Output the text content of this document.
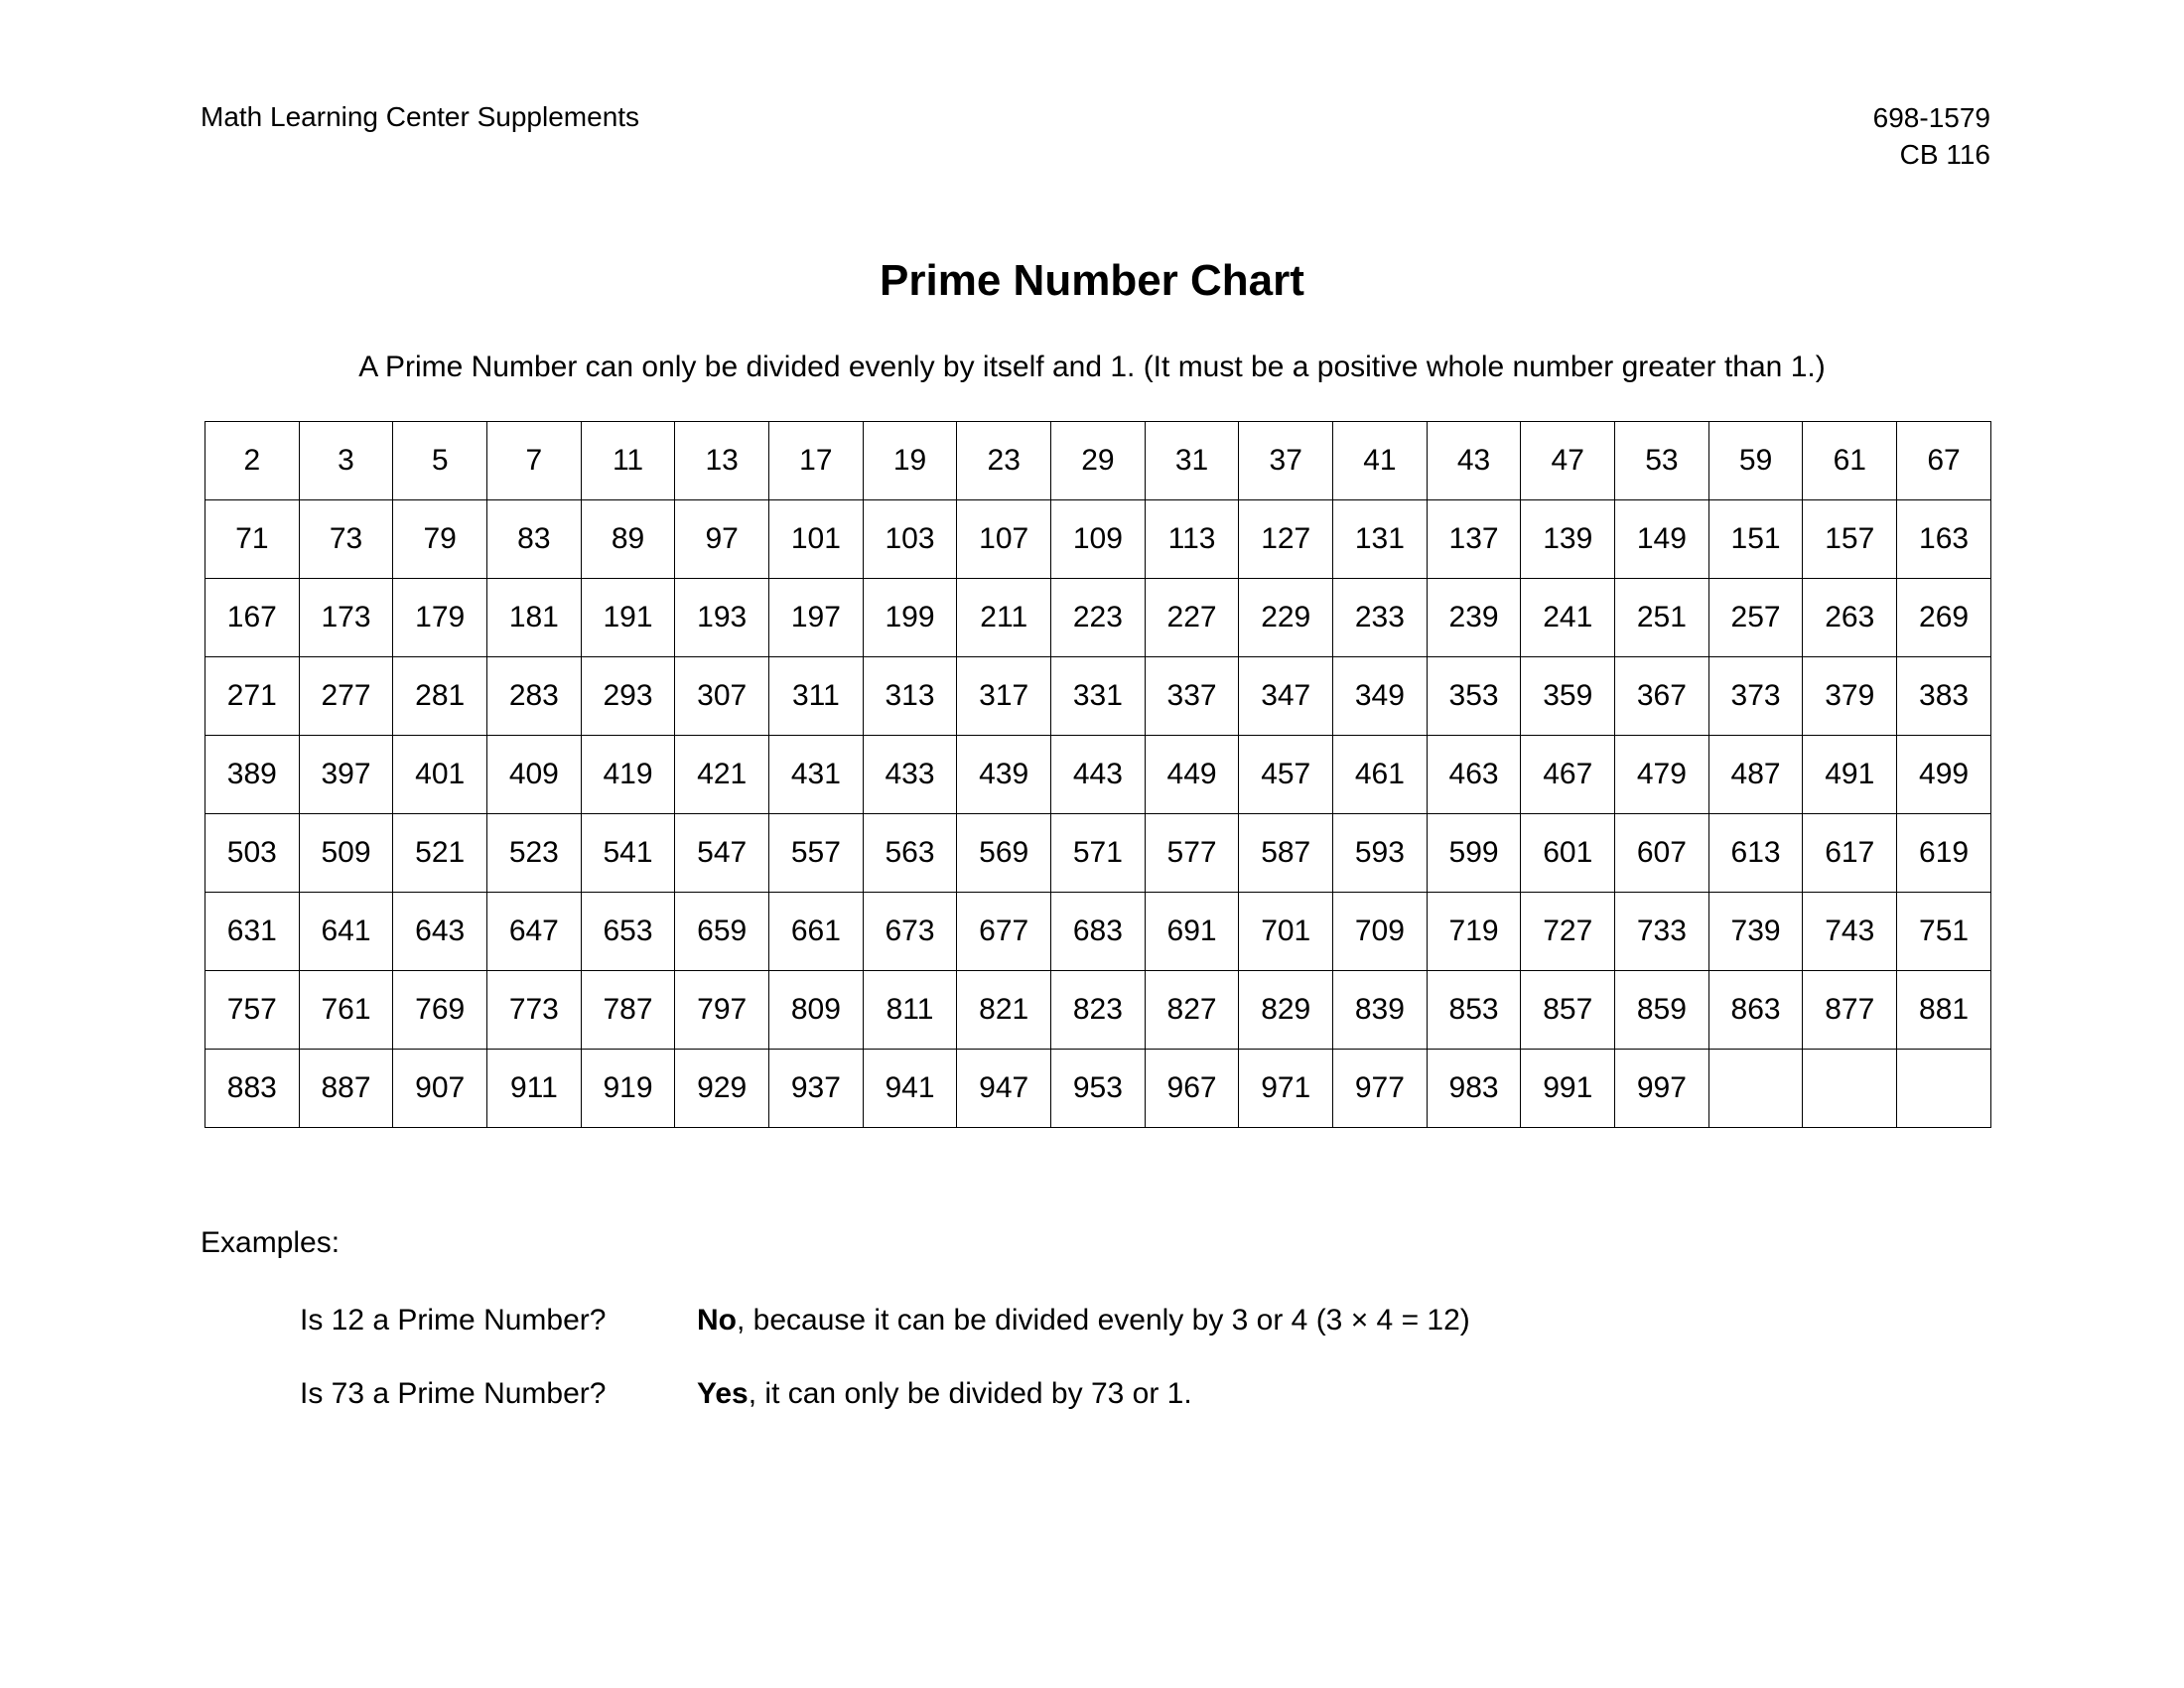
Math Learning Center Supplements	698-1579
CB 116
Prime Number Chart
A Prime Number can only be divided evenly by itself and 1. (It must be a positive whole number greater than 1.)
2	3	5	7	11	13	17	19	23	29	31	37	41	43	47	53	59	61	67
71	73	79	83	89	97	101	103	107	109	113	127	131	137	139	149	151	157	163
167	173	179	181	191	193	197	199	211	223	227	229	233	239	241	251	257	263	269
271	277	281	283	293	307	311	313	317	331	337	347	349	353	359	367	373	379	383
389	397	401	409	419	421	431	433	439	443	449	457	461	463	467	479	487	491	499
503	509	521	523	541	547	557	563	569	571	577	587	593	599	601	607	613	617	619
631	641	643	647	653	659	661	673	677	683	691	701	709	719	727	733	739	743	751
757	761	769	773	787	797	809	811	821	823	827	829	839	853	857	859	863	877	881
883	887	907	911	919	929	937	941	947	953	967	971	977	983	991	997			
Examples:
Is 12 a Prime Number?	No, because it can be divided evenly by 3 or 4 (3 × 4 = 12)
Is 73 a Prime Number?	Yes, it can only be divided by 73 or 1.
